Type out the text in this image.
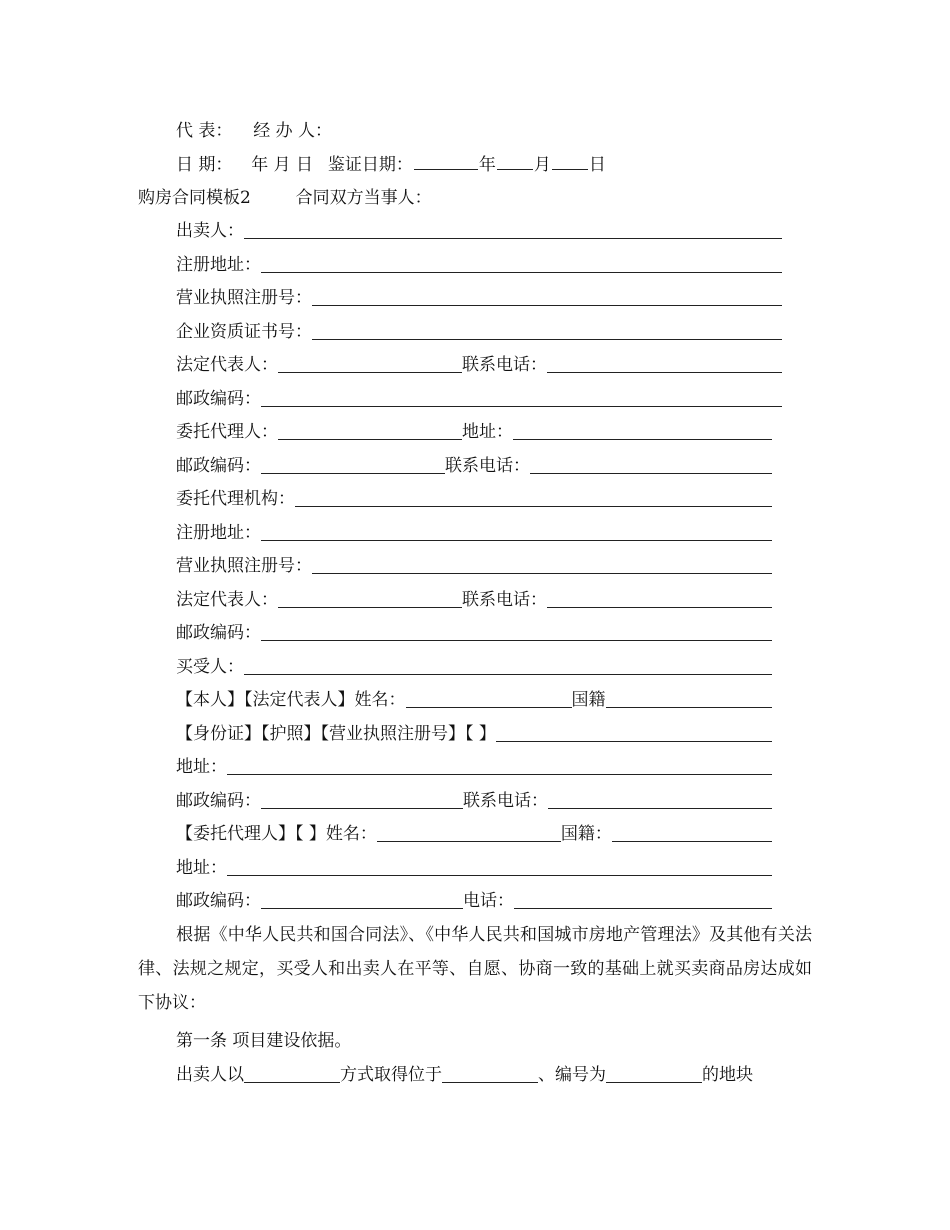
代 表： 经 办 人：
日 期： 年 月 日 鉴证日期：	年 月 日
购房合同模板2	合同双方当事人：
出卖人：
注册地址：
营业执照注册号：
企业资质证书号：
法定代表人：	联系电话：
邮政编码：
委托代理人：	地址：
邮政编码：	联系电话：
委托代理机构：
注册地址：
营业执照注册号：
法定代表人：	联系电话：
邮政编码：
买受人：
【本人】【法定代表人】姓名：	国籍
【身份证】【护照】【营业执照注册号】【 】
地址：
邮政编码：	联系电话：
【委托代理人】【 】姓名：	国籍：
地址：
邮政编码：	电话：
根据《中华人民共和国合同法》、《中华人民共和国城市房地产管理法》及其他有关法律、法规之规定，买受人和出卖人在平等、自愿、协商一致的基础上就买卖商品房达成如下协议：
第一条 项目建设依据。
出卖人以	方式取得位于	、编号为	的地块
